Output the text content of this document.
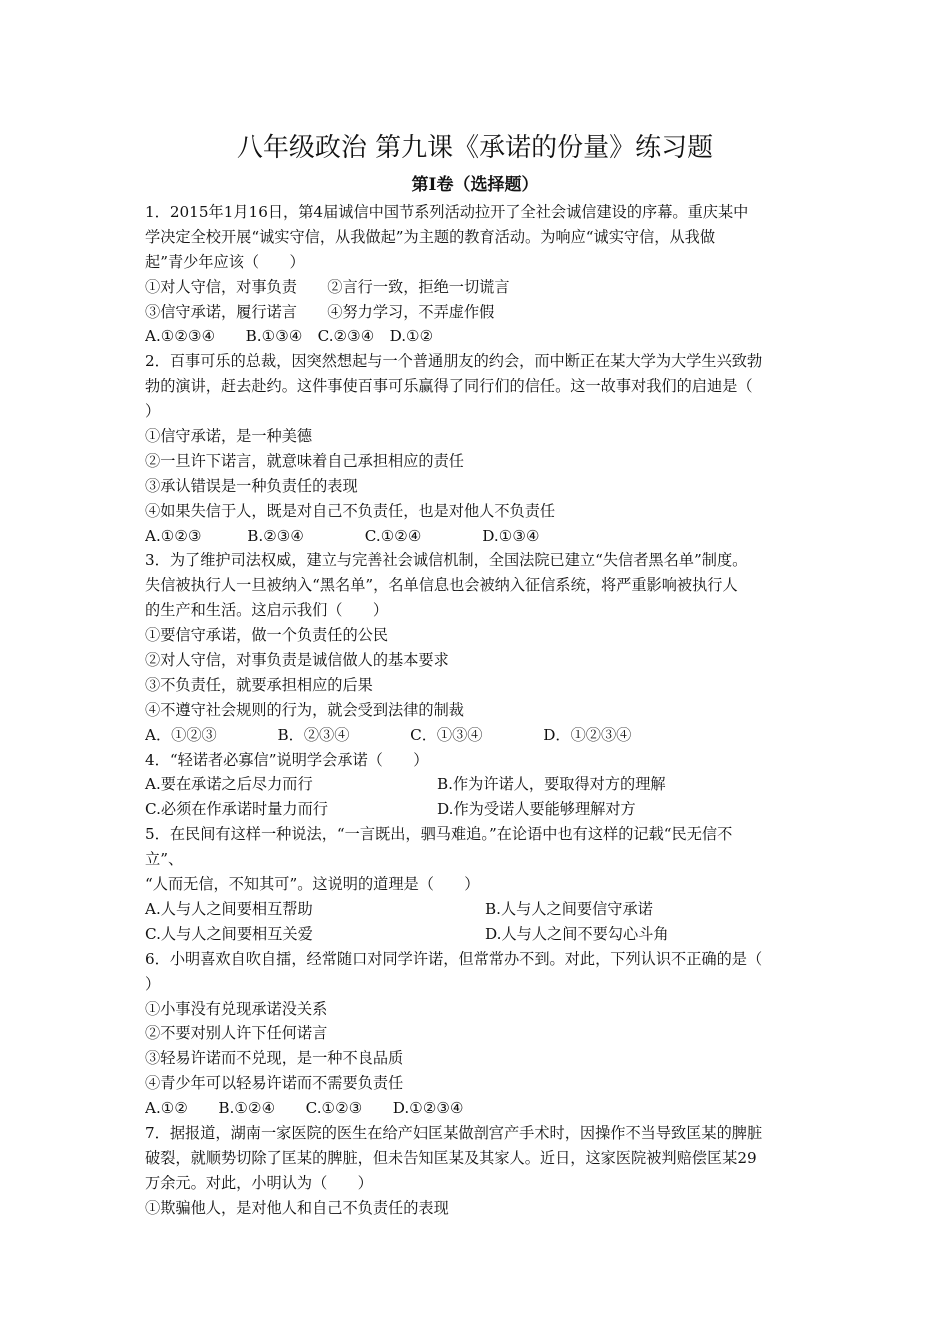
八年级政治 第九课《承诺的份量》练习题
第Ⅰ卷（选择题）
1．2015年1月16日，第4届诚信中国节系列活动拉开了全社会诚信建设的序幕。重庆某中
学决定全校开展“诚实守信，从我做起”为主题的教育活动。为响应“诚实守信，从我做
起”青少年应该（　　）
①对人守信，对事负责　　②言行一致，拒绝一切谎言
③信守承诺，履行诺言　　④努力学习，不弄虚作假
A.①②③④　　B.①③④　C.②③④　D.①②
2．百事可乐的总裁，因突然想起与一个普通朋友的约会，而中断正在某大学为大学生兴致勃
勃的演讲，赶去赴约。这件事使百事可乐赢得了同行们的信任。这一故事对我们的启迪是（
）
①信守承诺，是一种美德
②一旦许下诺言，就意味着自己承担相应的责任
③承认错误是一种负责任的表现
④如果失信于人，既是对自己不负责任，也是对他人不负责任
A.①②③　　　B.②③④　　　　C.①②④　　　　D.①③④
3．为了维护司法权威，建立与完善社会诚信机制，全国法院已建立“失信者黑名单”制度。
失信被执行人一旦被纳入“黑名单”，名单信息也会被纳入征信系统，将严重影响被执行人
的生产和生活。这启示我们（　　）
①要信守承诺，做一个负责任的公民
②对人守信，对事负责是诚信做人的基本要求
③不负责任，就要承担相应的后果
④不遵守社会规则的行为，就会受到法律的制裁
A．①②③　　　　B．②③④　　　　C．①③④　　　　D．①②③④
4．“轻诺者必寡信”说明学会承诺（　　）
A.要在承诺之后尽力而行	B.作为许诺人，要取得对方的理解
C.必须在作承诺时量力而行	D.作为受诺人要能够理解对方
5．在民间有这样一种说法，“一言既出，驷马难追。”在论语中也有这样的记载“民无信不
立”、
“人而无信，不知其可”。这说明的道理是（　　）
A.人与人之间要相互帮助	B.人与人之间要信守承诺
C.人与人之间要相互关爱	D.人与人之间不要勾心斗角
6．小明喜欢自吹自擂，经常随口对同学许诺，但常常办不到。对此，下列认识不正确的是（
）
①小事没有兑现承诺没关系
②不要对别人许下任何诺言
③轻易许诺而不兑现，是一种不良品质
④青少年可以轻易许诺而不需要负责任
A.①②　　B.①②④　　C.①②③　　D.①②③④
7．据报道，湖南一家医院的医生在给产妇匡某做剖宫产手术时，因操作不当导致匡某的脾脏
破裂，就顺势切除了匡某的脾脏，但未告知匡某及其家人。近日，这家医院被判赔偿匡某29
万余元。对此，小明认为（　　）
①欺骗他人，是对他人和自己不负责任的表现
